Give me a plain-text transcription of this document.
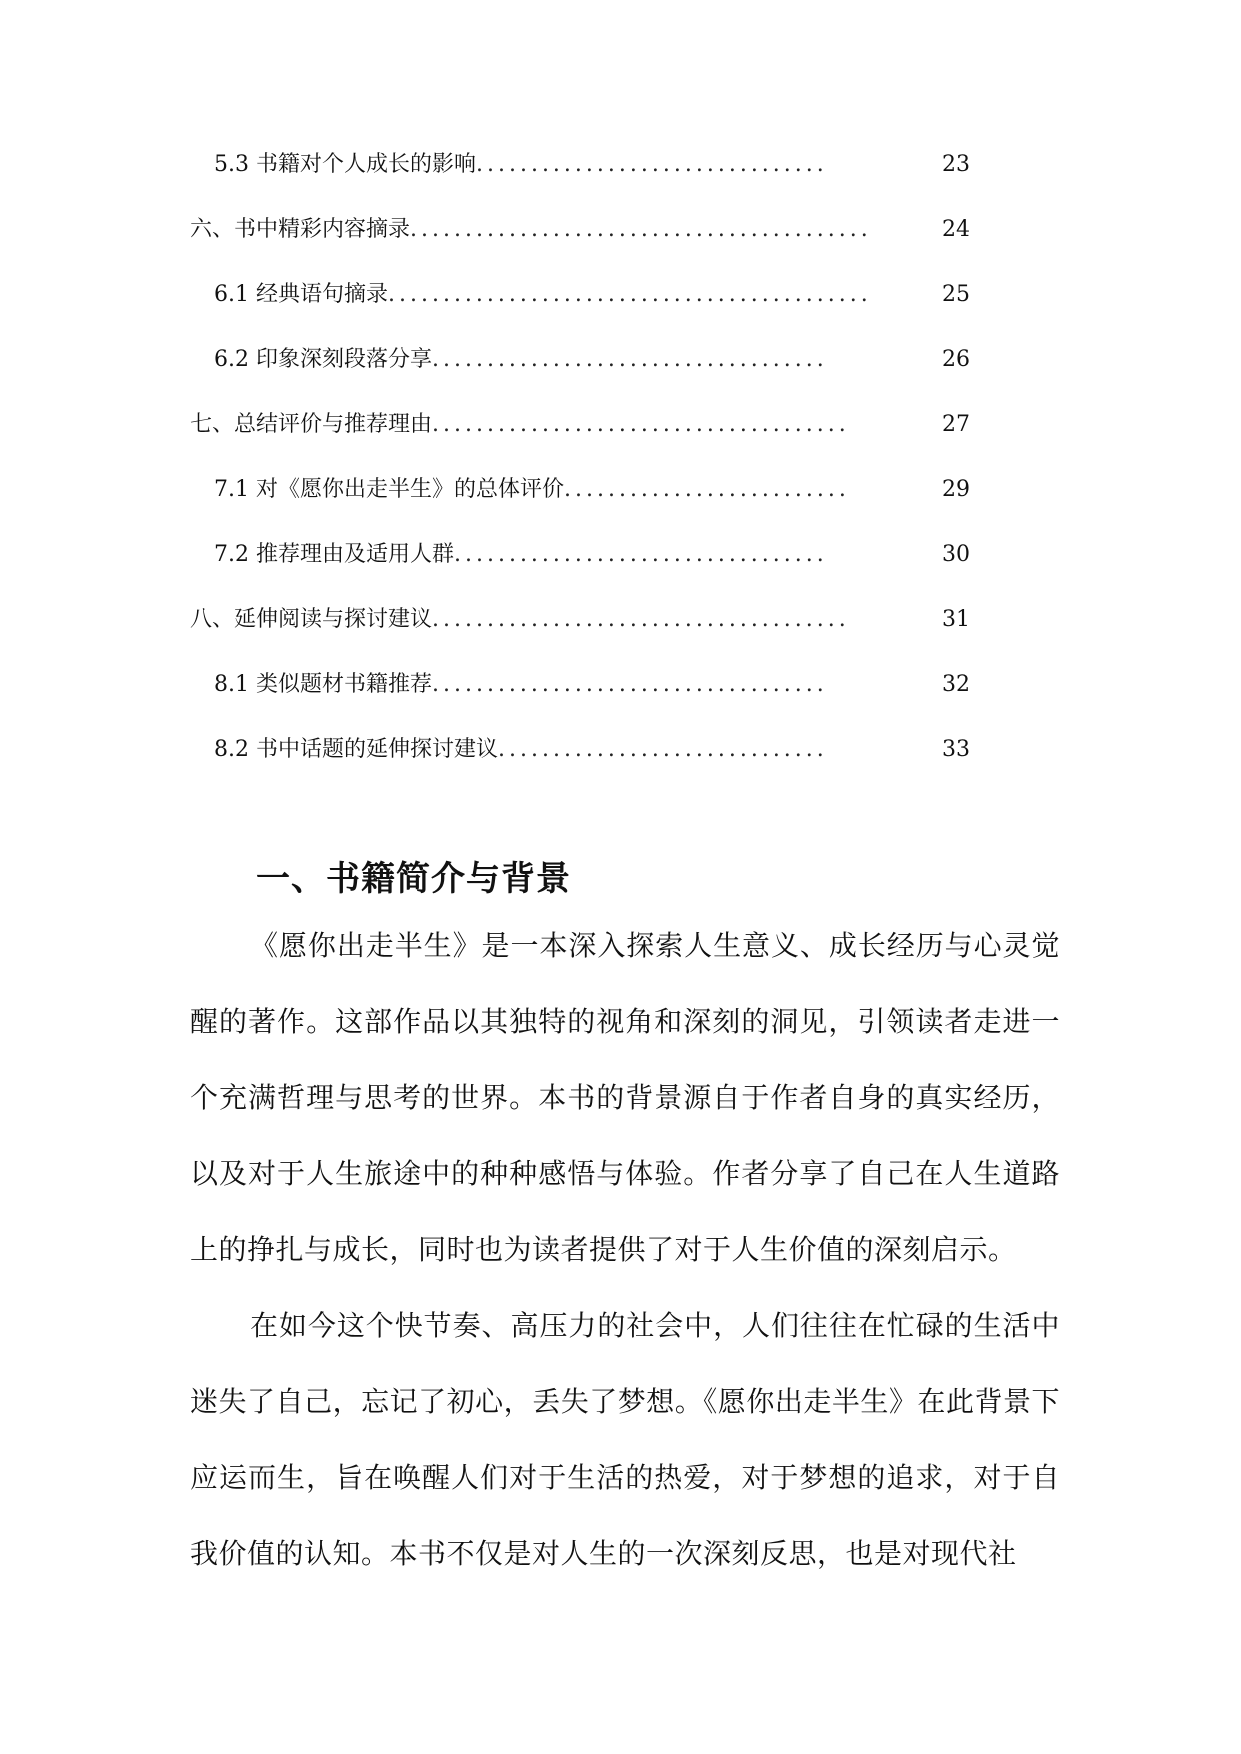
5.3 书籍对个人成长的影响 ................................	23
六、书中精彩内容摘录 ..........................................	24
6.1 经典语句摘录 ............................................	25
6.2 印象深刻段落分享 ....................................	26
七、总结评价与推荐理由 ......................................	27
7.1 对《愿你出走半生》的总体评价 ..........................	29
7.2 推荐理由及适用人群 ..................................	30
八、延伸阅读与探讨建议 ......................................	31
8.1 类似题材书籍推荐 ....................................	32
8.2 书中话题的延伸探讨建议 ..............................	33
一、书籍简介与背景

《愿你出走半生》是一本深入探索人生意义、成长经历与心灵觉醒的著作。这部作品以其独特的视角和深刻的洞见，引领读者走进一个充满哲理与思考的世界。本书的背景源自于作者自身的真实经历，以及对于人生旅途中的种种感悟与体验。作者分享了自己在人生道路上的挣扎与成长，同时也为读者提供了对于人生价值的深刻启示。

在如今这个快节奏、高压力的社会中，人们往往在忙碌的生活中迷失了自己，忘记了初心，丢失了梦想。《愿你出走半生》在此背景下应运而生，旨在唤醒人们对于生活的热爱，对于梦想的追求，对于自我价值的认知。本书不仅是对人生的一次深刻反思，也是对现代社
